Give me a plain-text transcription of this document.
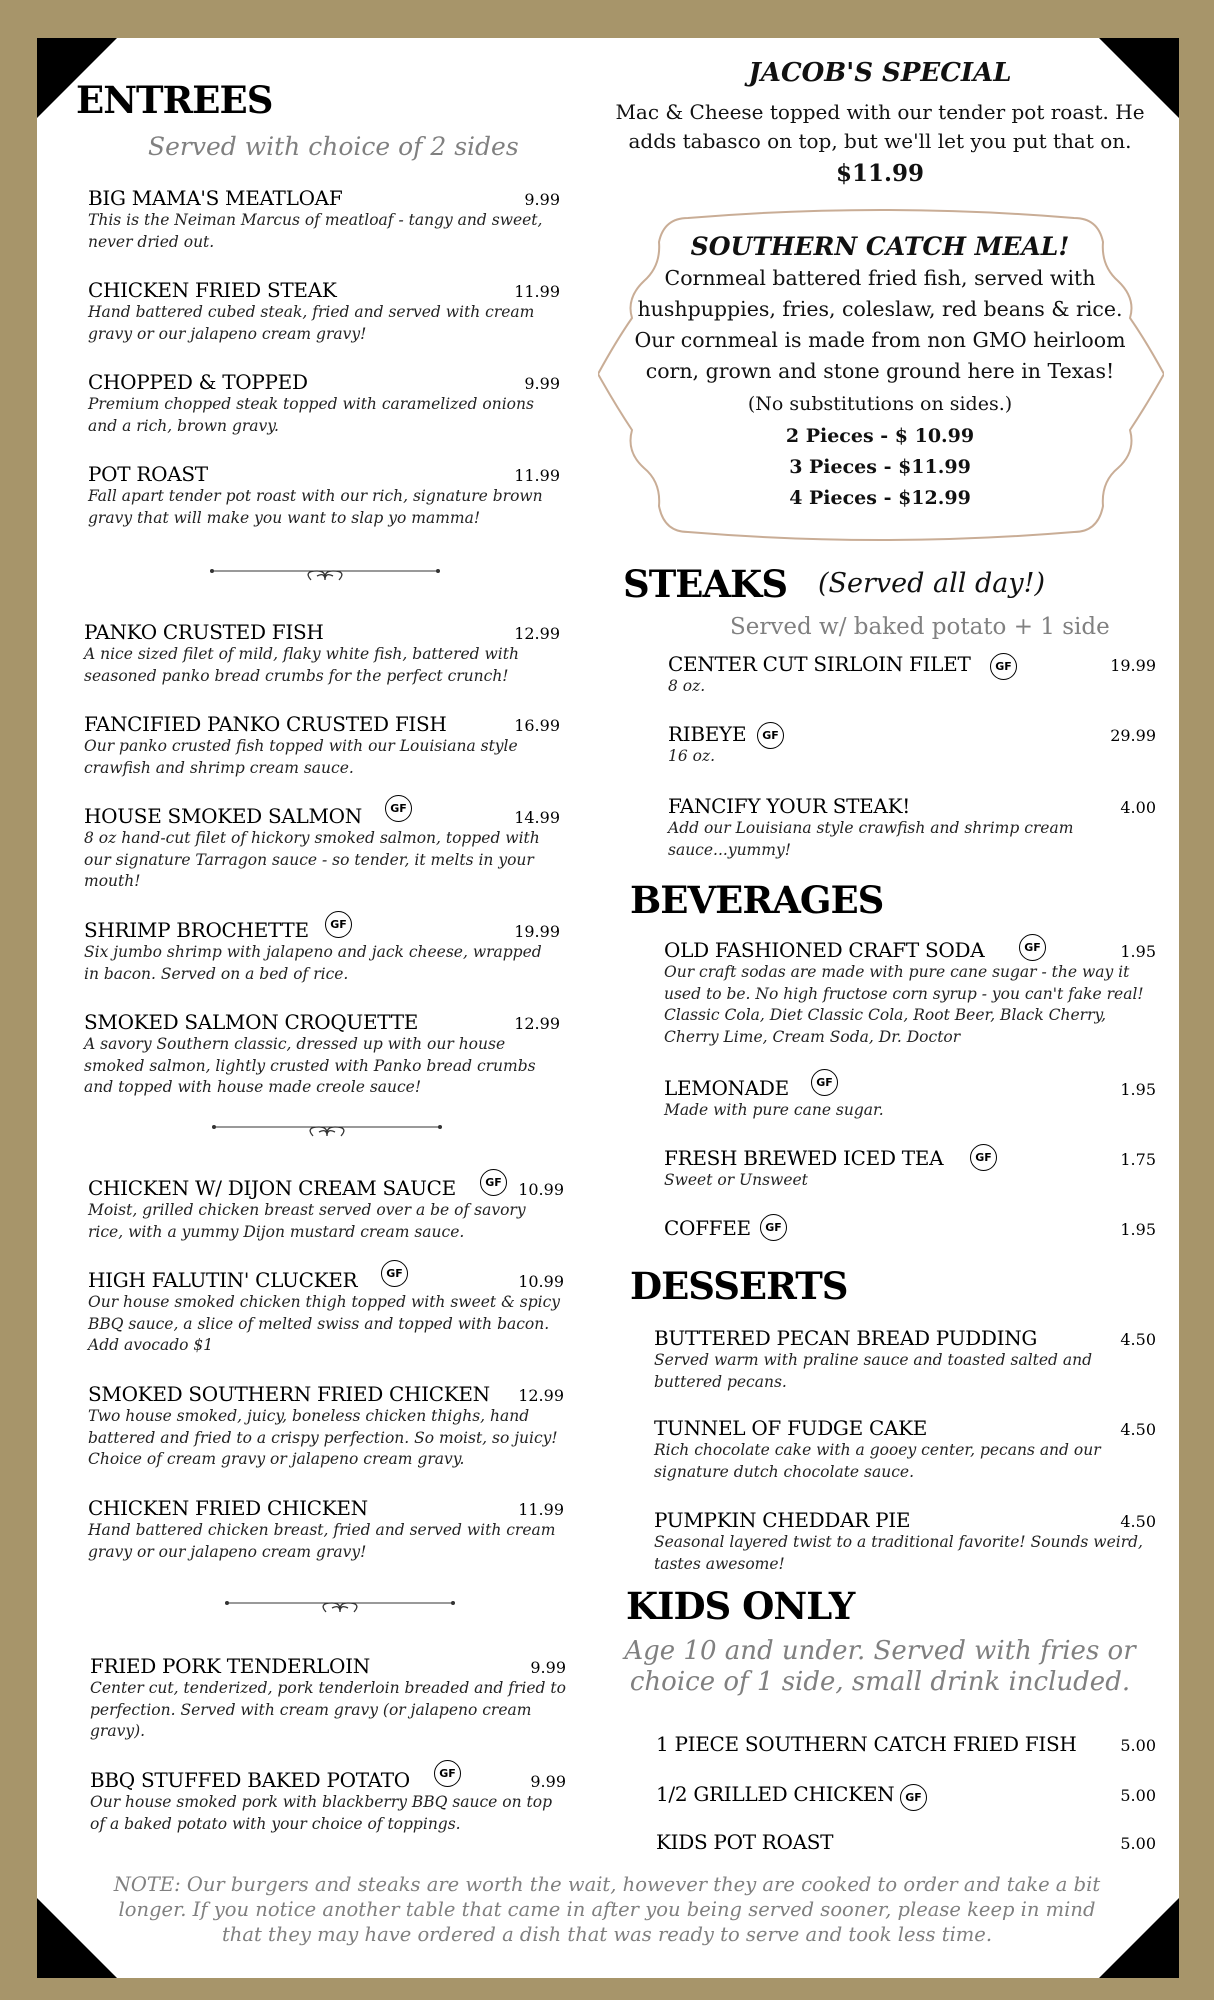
ENTREES
Served with choice of 2 sides
BIG MAMA'S MEATLOAF	9.99
This is the Neiman Marcus of meatloaf - tangy and sweet, never dried out.
CHICKEN FRIED STEAK	11.99
Hand battered cubed steak, fried and served with cream gravy or our jalapeno cream gravy!
CHOPPED & TOPPED	9.99
Premium chopped steak topped with caramelized onions and a rich, brown gravy.
POT ROAST	11.99
Fall apart tender pot roast with our rich, signature brown gravy that will make you want to slap yo mamma!
PANKO CRUSTED FISH	12.99
A nice sized filet of mild, flaky white fish, battered with seasoned panko bread crumbs for the perfect crunch!
FANCIFIED PANKO CRUSTED FISH	16.99
Our panko crusted fish topped with our Louisiana style crawfish and shrimp cream sauce.
HOUSE SMOKED SALMON	14.99
8 oz hand-cut filet of hickory smoked salmon, topped with our signature Tarragon sauce - so tender, it melts in your mouth!
GF
SHRIMP BROCHETTE	19.99
Six jumbo shrimp with jalapeno and jack cheese, wrapped in bacon. Served on a bed of rice.
GF
SMOKED SALMON CROQUETTE	12.99
A savory Southern classic, dressed up with our house smoked salmon, lightly crusted with Panko bread crumbs and topped with house made creole sauce!
CHICKEN W/ DIJON CREAM SAUCE	10.99
Moist, grilled chicken breast served over a be of savory rice, with a yummy Dijon mustard cream sauce.
GF
HIGH FALUTIN' CLUCKER	10.99
Our house smoked chicken thigh topped with sweet & spicy BBQ sauce, a slice of melted swiss and topped with bacon. Add avocado $1
GF
SMOKED SOUTHERN FRIED CHICKEN 12.99
Two house smoked, juicy, boneless chicken thighs, hand battered and fried to a crispy perfection. So moist, so juicy! Choice of cream gravy or jalapeno cream gravy.
CHICKEN FRIED CHICKEN	11.99
Hand battered chicken breast, fried and served with cream gravy or our jalapeno cream gravy!
FRIED PORK TENDERLOIN	9.99
Center cut, tenderized, pork tenderloin breaded and fried to perfection. Served with cream gravy (or jalapeno cream gravy).
BBQ STUFFED BAKED POTATO	9.99
Our house smoked pork with blackberry BBQ sauce on top of a baked potato with your choice of toppings.
GF
JACOB'S SPECIAL
Mac & Cheese topped with our tender pot roast. He adds tabasco on top, but we'll let you put that on.
$11.99
SOUTHERN CATCH MEAL!
Cornmeal battered fried fish, served with hushpuppies, fries, coleslaw, red beans & rice. Our cornmeal is made from non GMO heirloom corn, grown and stone ground here in Texas!
(No substitutions on sides.)
2 Pieces - $ 10.99
3 Pieces - $11.99
4 Pieces - $12.99
STEAKS (Served all day!)
Served w/ baked potato + 1 side
CENTER CUT SIRLOIN FILET	19.99
8 oz.
GF
RIBEYE	29.99
16 oz.
GF
FANCIFY YOUR STEAK!	4.00
Add our Louisiana style crawfish and shrimp cream sauce...yummy!
BEVERAGES
OLD FASHIONED CRAFT SODA	1.95
Our craft sodas are made with pure cane sugar - the way it used to be. No high fructose corn syrup - you can't fake real! Classic Cola, Diet Classic Cola, Root Beer, Black Cherry, Cherry Lime, Cream Soda, Dr. Doctor
GF
LEMONADE	1.95
Made with pure cane sugar.
GF
FRESH BREWED ICED TEA	1.75
Sweet or Unsweet
GF
COFFEE	1.95
GF
DESSERTS
BUTTERED PECAN BREAD PUDDING	4.50
Served warm with praline sauce and toasted salted and buttered pecans.
TUNNEL OF FUDGE CAKE	4.50
Rich chocolate cake with a gooey center, pecans and our signature dutch chocolate sauce.
PUMPKIN CHEDDAR PIE	4.50
Seasonal layered twist to a traditional favorite! Sounds weird, tastes awesome!
KIDS ONLY
Age 10 and under. Served with fries or choice of 1 side, small drink included.
1 PIECE SOUTHERN CATCH FRIED FISH	5.00
1/2 GRILLED CHICKEN	5.00
GF
KIDS POT ROAST	5.00
NOTE: Our burgers and steaks are worth the wait, however they are cooked to order and take a bit longer. If you notice another table that came in after you being served sooner, please keep in mind that they may have ordered a dish that was ready to serve and took less time.
